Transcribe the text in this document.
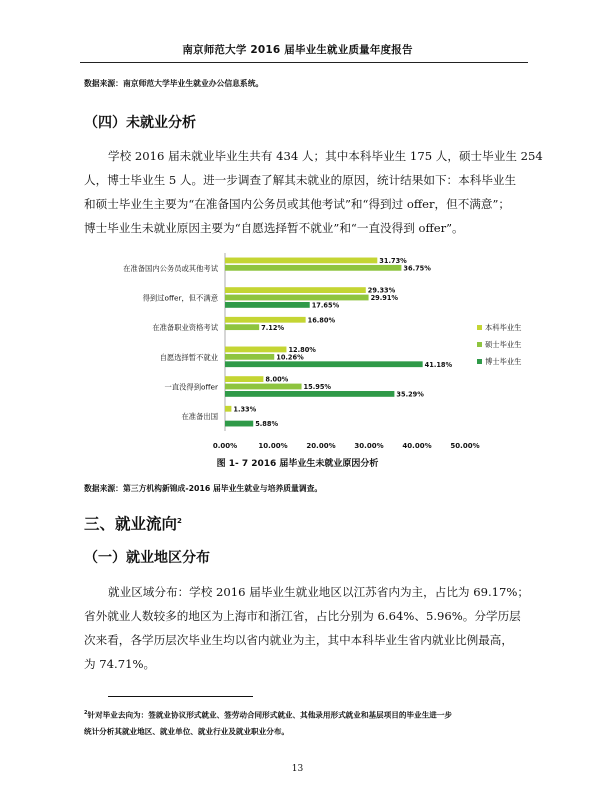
南京师范大学 2016 届毕业生就业质量年度报告
数据来源：南京师范大学毕业生就业办公信息系统。
（四）未就业分析
学校 2016 届未就业毕业生共有 434 人；其中本科毕业生 175 人，硕士毕业生 254
人，博士毕业生 5 人。进一步调查了解其未就业的原因，统计结果如下：本科毕业生
和硕士毕业生主要为“在准备国内公务员或其他考试”和“得到过 offer，但不满意”；
博士毕业生未就业原因主要为“自愿选择暂不就业”和“一直没得到 offer”。
在准备国内公务员或其他考试
31.73%
36.75%
得到过offer，但不满意
29.33%
29.91%
17.65%
在准备职业资格考试
16.80%
7.12%
自愿选择暂不就业
12.80%
10.26%
41.18%
一直没得到offer
8.00%
15.95%
35.29%
在准备出国
1.33%
5.88%
0.00%	10.00%	20.00%	30.00%	40.00%	50.00%
本科毕业生
硕士毕业生
博士毕业生
图 1- 7 2016 届毕业生未就业原因分析
数据来源：第三方机构新锦成-2016 届毕业生就业与培养质量调查。
三、就业流向$^2$
（一）就业地区分布
就业区域分布：学校 2016 届毕业生就业地区以江苏省内为主，占比为 69.17%；
省外就业人数较多的地区为上海市和浙江省，占比分别为 6.64%、5.96%。分学历层
次来看，各学历层次毕业生均以省内就业为主，其中本科毕业生省内就业比例最高，
为 74.71%。
$^2$针对毕业去向为：签就业协议形式就业、签劳动合同形式就业、其他录用形式就业和基层项目的毕业生进一步
统计分析其就业地区、就业单位、就业行业及就业职业分布。
13
